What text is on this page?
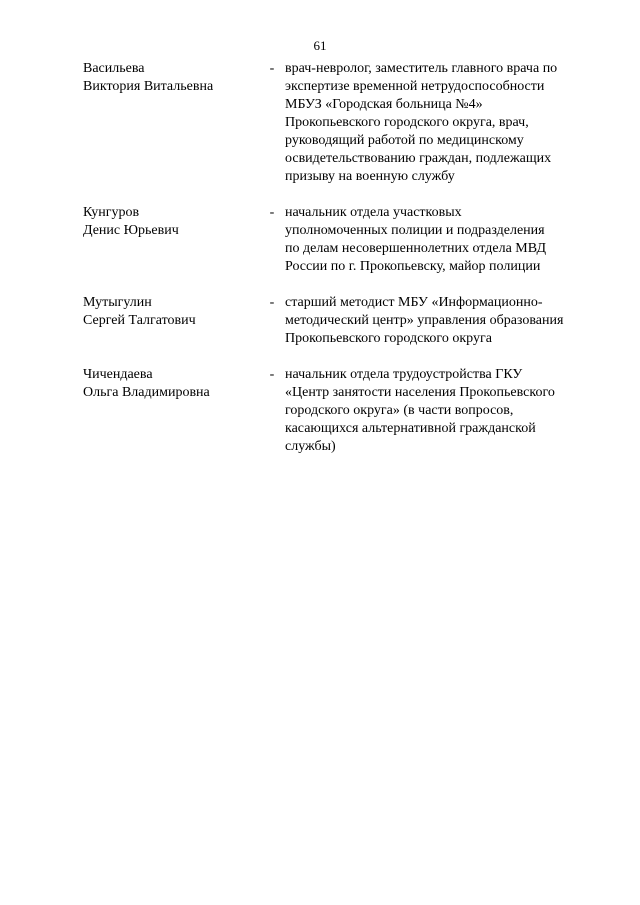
61
Васильева
Виктория Витальевна
- врач-невролог, заместитель главного врача по
экспертизе временной нетрудоспособности
МБУЗ «Городская больница №4»
Прокопьевского городского округа, врач,
руководящий работой по медицинскому
освидетельствованию граждан, подлежащих
призыву на военную службу
Кунгуров
Денис Юрьевич
- начальник отдела участковых
уполномоченных полиции и подразделения
по делам несовершеннолетних отдела МВД
России по г. Прокопьевску, майор полиции
Мутыгулин
Сергей Талгатович
- старший методист МБУ «Информационно-
методический центр» управления образования
Прокопьевского городского округа
Чичендаева
Ольга Владимировна
- начальник отдела трудоустройства ГКУ
«Центр занятости населения Прокопьевского
городского округа» (в части вопросов,
касающихся альтернативной гражданской
службы)
